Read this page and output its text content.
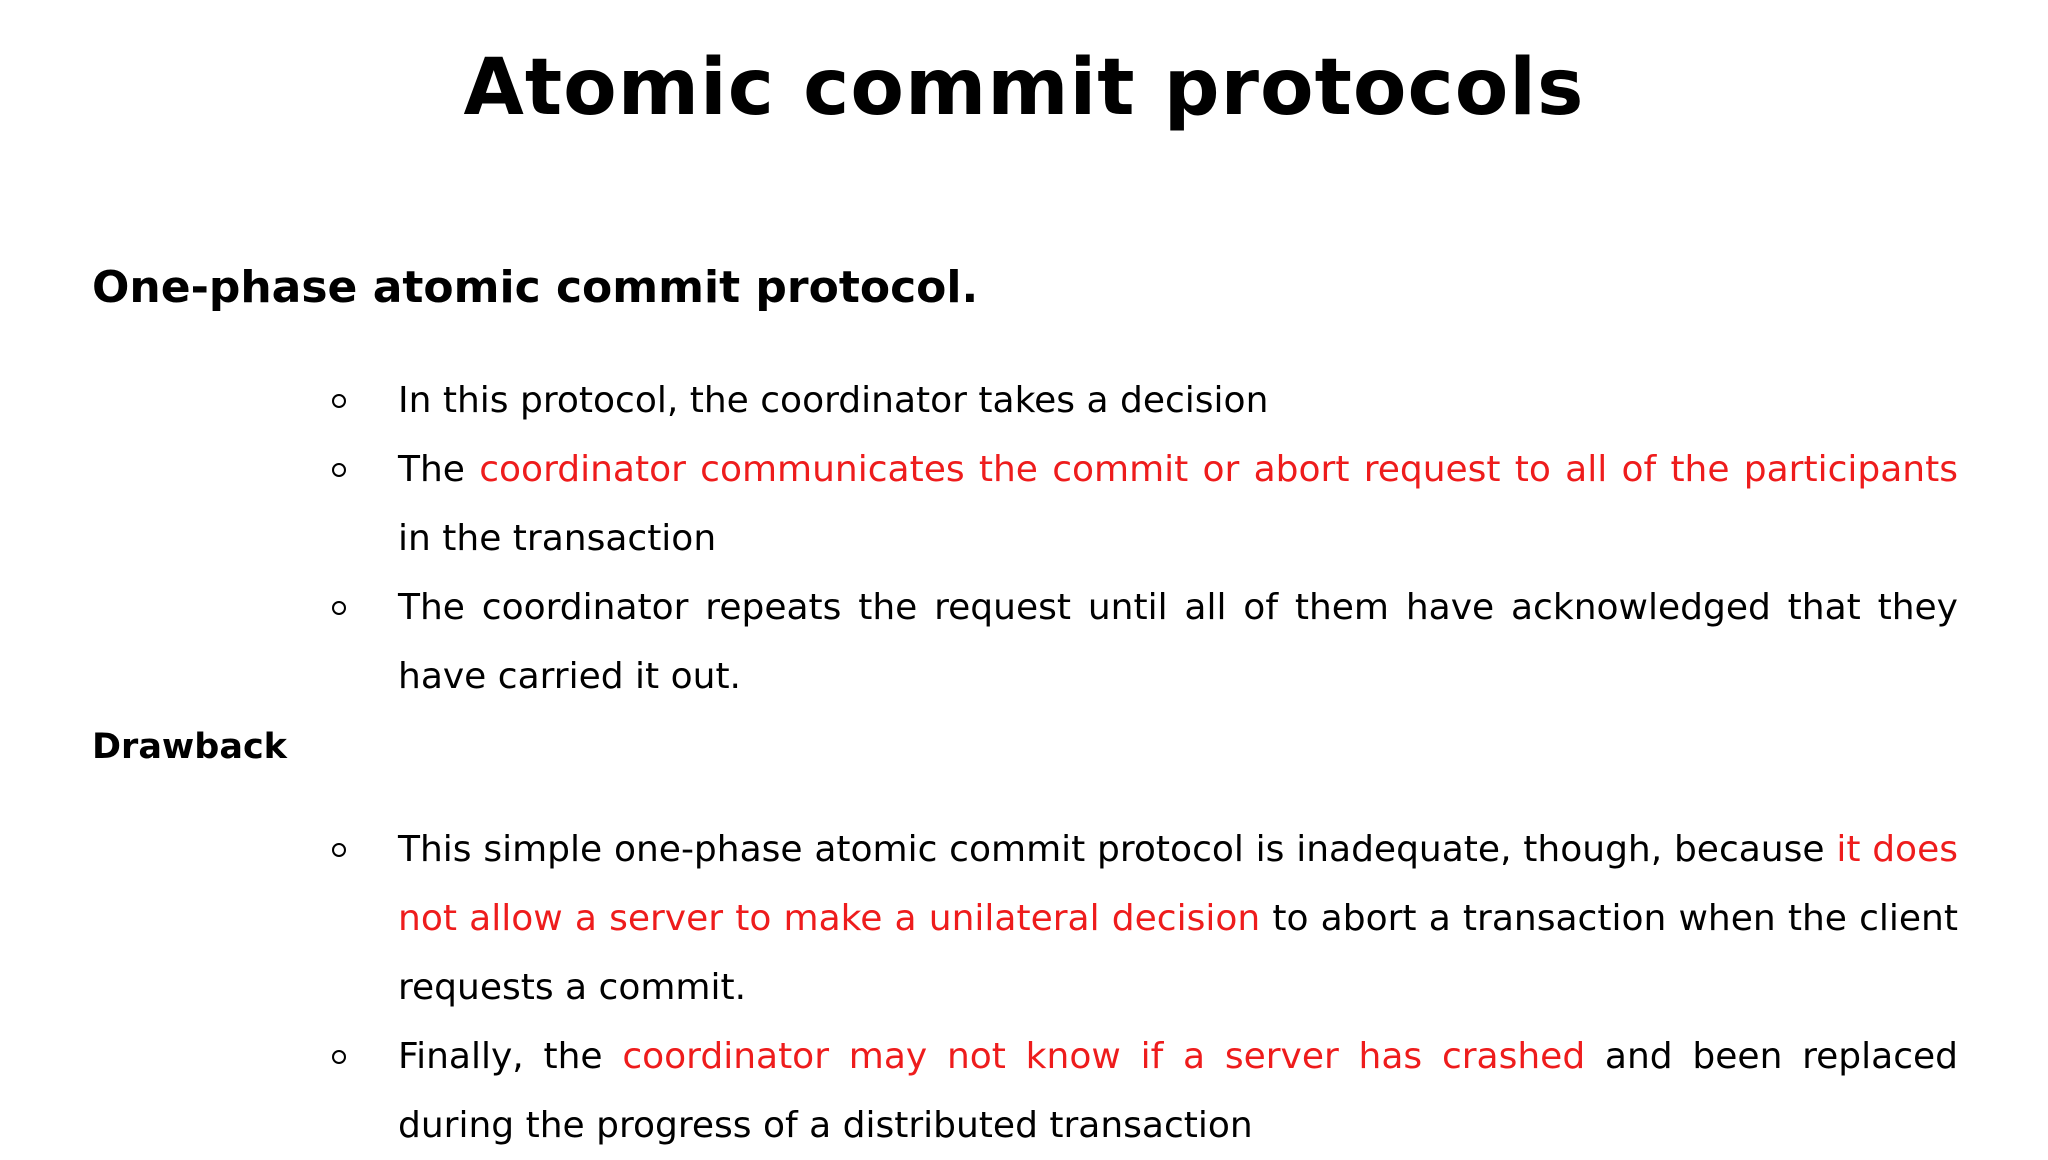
Atomic commit protocols
One-phase atomic commit protocol.
In this protocol, the coordinator takes a decision
The coordinator communicates the commit or abort request to all of the participants in the transaction
The coordinator repeats the request until all of them have acknowledged that they have carried it out.
Drawback
This simple one-phase atomic commit protocol is inadequate, though, because it does not allow a server to make a unilateral decision to abort a transaction when the client requests a commit.
Finally, the coordinator may not know if a server has crashed and been replaced during the progress of a distributed transaction
